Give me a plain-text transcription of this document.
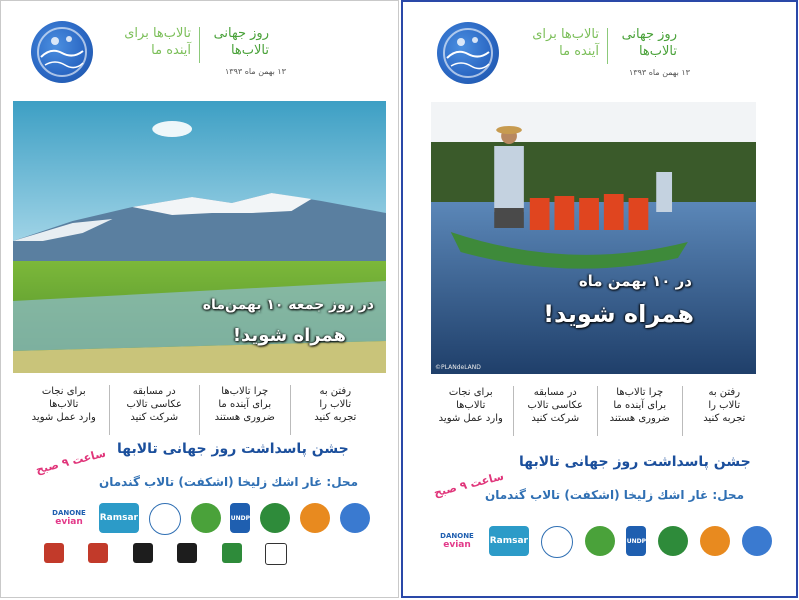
تالاب‌ها برای
آینده ما
روز جهانی
تالاب‌ها
۱۳ بهمن ماه ۱۳۹۳
در روز جمعه ۱۰ بهمن‌ماه
همراه شوید!
رفتن به
تالاب را
تجربه کنید
چرا تالاب‌ها
برای آینده ما
ضروری هستند
در مسابقه
عکاسی تالاب
شرکت کنید
برای نجات
تالاب‌ها
وارد عمل شوید
جشن پاسداشت روز جهانی تالابها
ساعت ۹ صبح
محل: غار اشك زليخا (اشكفت) تالاب گندمان
DANONE
evian Ramsar	UNDP
تالاب‌ها برای
آینده ما
روز جهانی
تالاب‌ها
۱۳ بهمن ماه ۱۳۹۳
در ۱۰ بهمن ماه
همراه شوید!
©PLANdeLAND
رفتن به
تالاب را
تجربه کنید
چرا تالاب‌ها
برای آینده ما
ضروری هستند
در مسابقه
عکاسی تالاب
شرکت کنید
برای نجات
تالاب‌ها
وارد عمل شوید
جشن پاسداشت روز جهانی تالابها
ساعت ۹ صبح
محل: غار اشك زليخا (اشكفت) تالاب گندمان
DANONE
evian Ramsar	UNDP
